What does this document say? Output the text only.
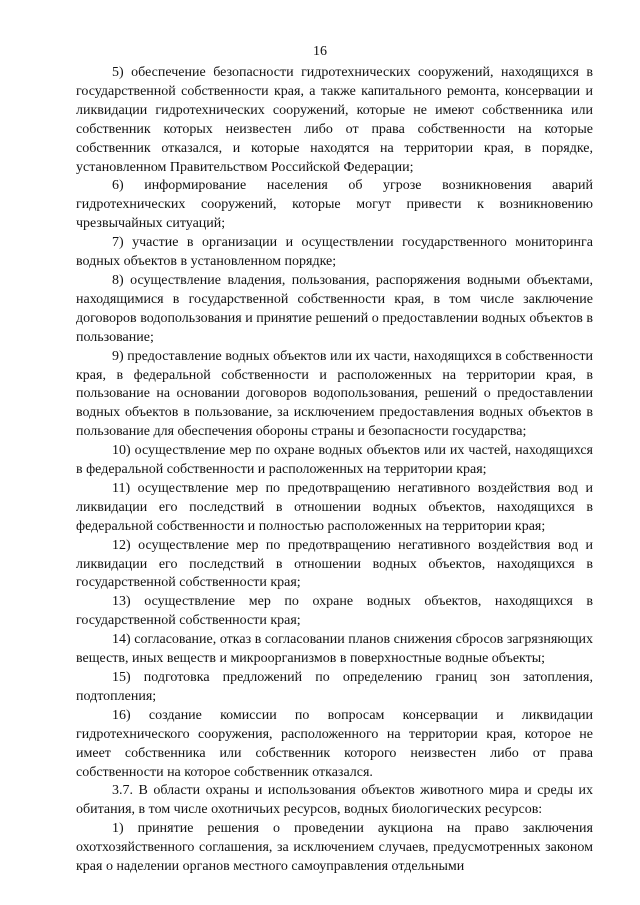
16

5) обеспечение безопасности гидротехнических сооружений, находящихся в государственной собственности края, а также капитального ремонта, консервации и ликвидации гидротехнических сооружений, которые не имеют собственника или собственник которых неизвестен либо от права собственности на которые собственник отказался, и которые находятся на территории края, в порядке, установленном Правительством Российской Федерации;

6) информирование населения об угрозе возникновения аварий гидротехнических сооружений, которые могут привести к возникновению чрезвычайных ситуаций;

7) участие в организации и осуществлении государственного мониторинга водных объектов в установленном порядке;

8) осуществление владения, пользования, распоряжения водными объектами, находящимися в государственной собственности края, в том числе заключение договоров водопользования и принятие решений о предоставлении водных объектов в пользование;

9) предоставление водных объектов или их части, находящихся в собственности края, в федеральной собственности и расположенных на территории края, в пользование на основании договоров водопользования, решений о предоставлении водных объектов в пользование, за исключением предоставления водных объектов в пользование для обеспечения обороны страны и безопасности государства;

10) осуществление мер по охране водных объектов или их частей, находящихся в федеральной собственности и расположенных на территории края;

11) осуществление мер по предотвращению негативного воздействия вод и ликвидации его последствий в отношении водных объектов, находящихся в федеральной собственности и полностью расположенных на территории края;

12) осуществление мер по предотвращению негативного воздействия вод и ликвидации его последствий в отношении водных объектов, находящихся в государственной собственности края;

13) осуществление мер по охране водных объектов, находящихся в государственной собственности края;

14) согласование, отказ в согласовании планов снижения сбросов загрязняющих веществ, иных веществ и микроорганизмов в поверхностные водные объекты;

15) подготовка предложений по определению границ зон затопления, подтопления;

16) создание комиссии по вопросам консервации и ликвидации гидротехнического сооружения, расположенного на территории края, которое не имеет собственника или собственник которого неизвестен либо от права собственности на которое собственник отказался.

3.7. В области охраны и использования объектов животного мира и среды их обитания, в том числе охотничьих ресурсов, водных биологических ресурсов:

1) принятие решения о проведении аукциона на право заключения охотхозяйственного соглашения, за исключением случаев, предусмотренных законом края о наделении органов местного самоуправления отдельными
